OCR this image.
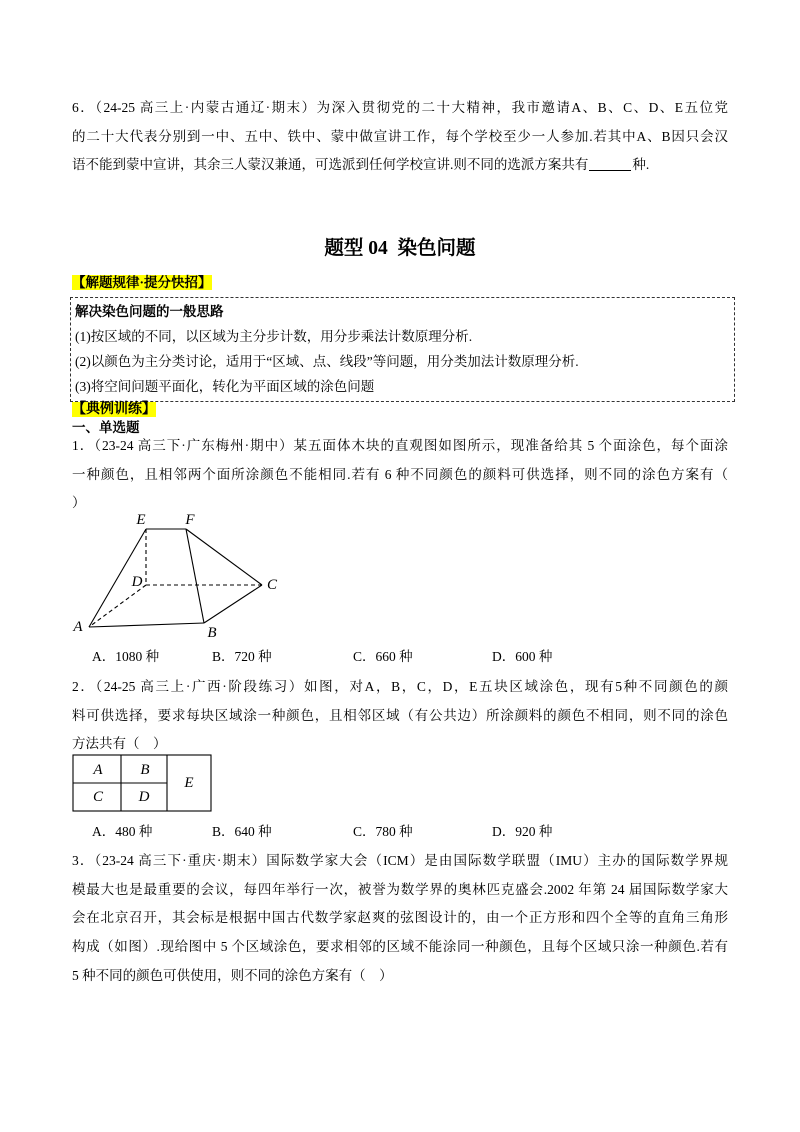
6．（24-25 高三上·内蒙古通辽·期末）为深入贯彻党的二十大精神，我市邀请A、B、C、D、E五位党
的二十大代表分别到一中、五中、铁中、蒙中做宣讲工作，每个学校至少一人参加.若其中A、B因只会汉
语不能到蒙中宣讲，其余三人蒙汉兼通，可选派到任何学校宣讲.则不同的选派方案共有	种.
题型 04  染色问题
【解题规律·提分快招】
解决染色问题的一般思路
(1)按区域的不同，以区域为主分步计数，用分步乘法计数原理分析.
(2)以颜色为主分类讨论，适用于“区域、点、线段”等问题，用分类加法计数原理分析.
(3)将空间问题平面化，转化为平面区域的涂色问题
【典例训练】
一、单选题
1．（23-24 高三下·广东梅州·期中）某五面体木块的直观图如图所示，现准备给其 5 个面涂色，每个面涂
一种颜色，且相邻两个面所涂颜色不能相同.若有 6 种不同颜色的颜料可供选择，则不同的涂色方案有（
）
E	F
D	C
A	B
A．1080 种	B．720 种	C．660 种	D．600 种
2．（24-25 高三上·广西·阶段练习）如图，对A，B，C，D，E五块区域涂色，现有5种不同颜色的颜
料可供选择，要求每块区域涂一种颜色，且相邻区域（有公共边）所涂颜料的颜色不相同，则不同的涂色
方法共有（    ）
A	B
C D
E
A．480 种	B．640 种	C．780 种	D．920 种
3．（23-24 高三下·重庆·期末）国际数学家大会（ICM）是由国际数学联盟（IMU）主办的国际数学界规
模最大也是最重要的会议，每四年举行一次，被誉为数学界的奥林匹克盛会.2002 年第 24 届国际数学家大
会在北京召开，其会标是根据中国古代数学家赵爽的弦图设计的，由一个正方形和四个全等的直角三角形
构成（如图）.现给图中 5 个区域涂色，要求相邻的区域不能涂同一种颜色，且每个区域只涂一种颜色.若有
5 种不同的颜色可供使用，则不同的涂色方案有（    ）
